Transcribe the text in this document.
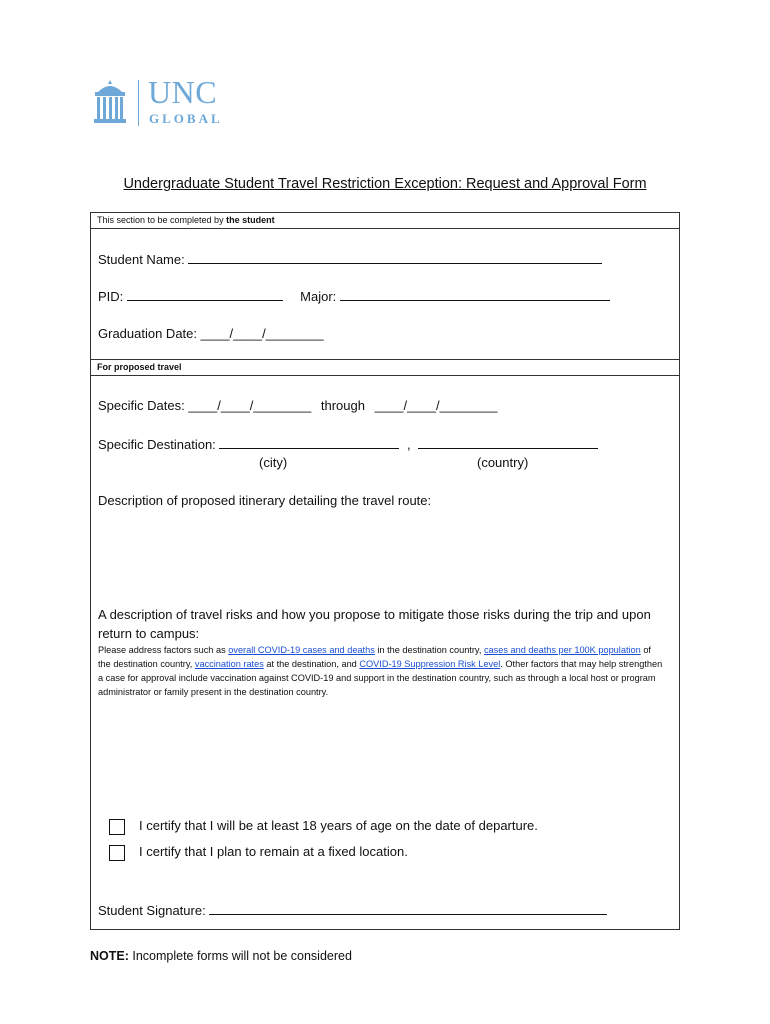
UNC
GLOBAL
Undergraduate Student Travel Restriction Exception: Request and Approval Form
This section to be completed by the student
Student Name:
PID:	Major:
Graduation Date: ____/____/________
For proposed travel
Specific Dates: ____/____/________ through ____/____/________
Specific Destination:	,
(city)	(country)
Description of proposed itinerary detailing the travel route:
A description of travel risks and how you propose to mitigate those risks during the trip and upon return to campus:
Please address factors such as overall COVID-19 cases and deaths in the destination country, cases and deaths per 100K population of the destination country, vaccination rates at the destination, and COVID-19 Suppression Risk Level. Other factors that may help strengthen a case for approval include vaccination against COVID-19 and support in the destination country, such as through a local host or program administrator or family present in the destination country.
I certify that I will be at least 18 years of age on the date of departure.
I certify that I plan to remain at a fixed location.
Student Signature:
NOTE: Incomplete forms will not be considered
